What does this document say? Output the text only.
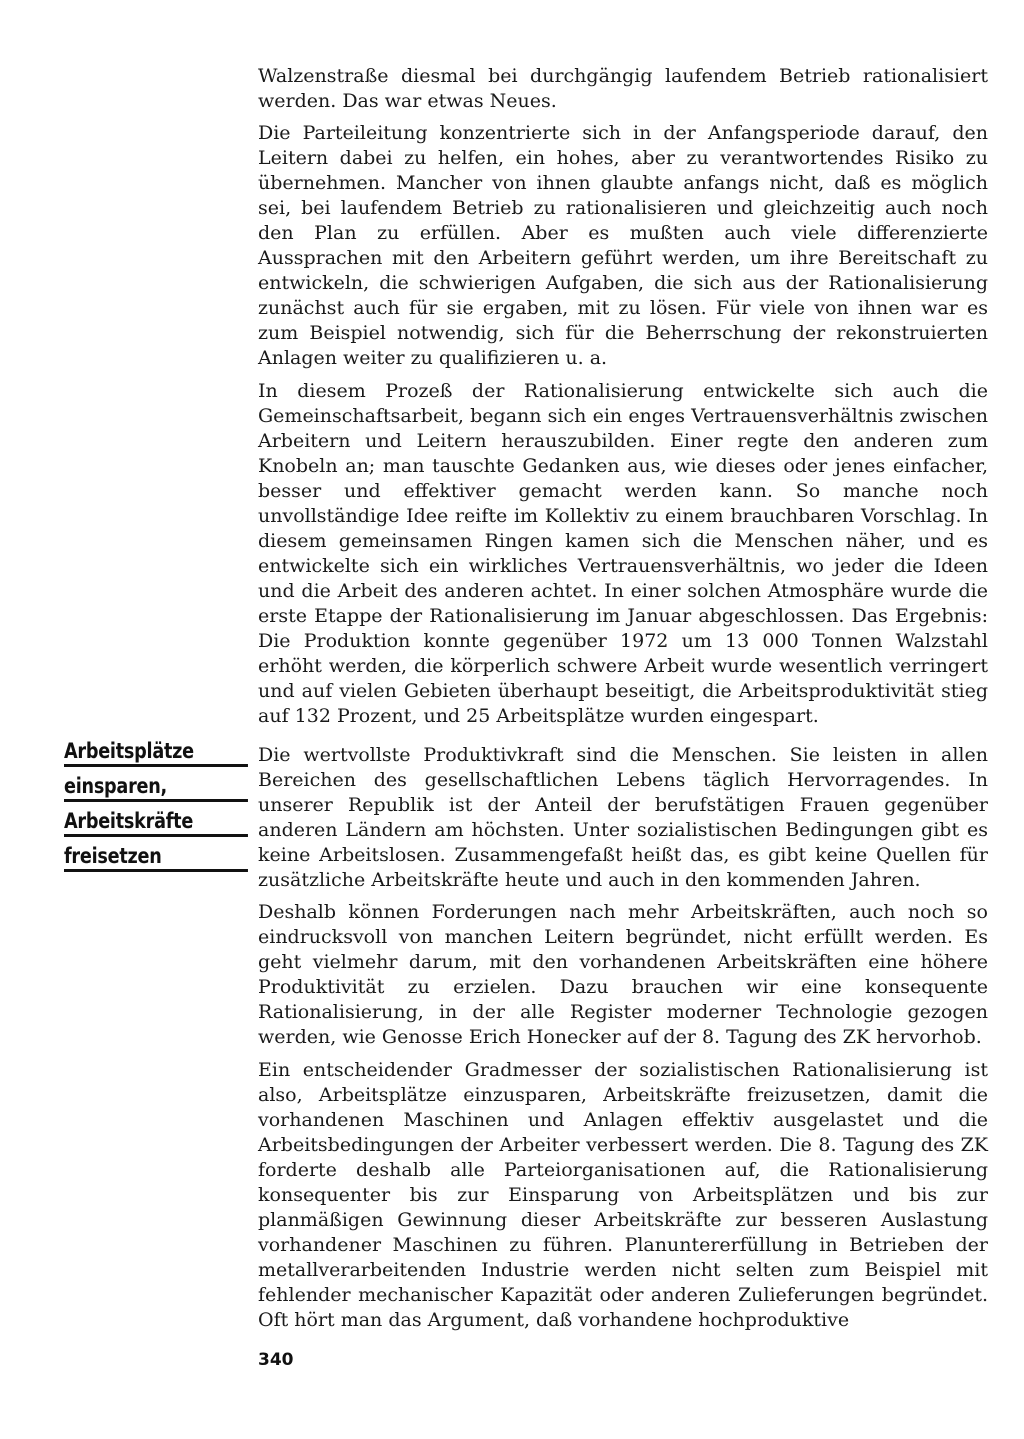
Walzenstraße diesmal bei durchgängig laufendem Betrieb rationalisiert werden. Das war etwas Neues.

Die Parteileitung konzentrierte sich in der Anfangsperiode darauf, den Leitern dabei zu helfen, ein hohes, aber zu verantwortendes Risiko zu übernehmen. Mancher von ihnen glaubte anfangs nicht, daß es möglich sei, bei laufendem Betrieb zu rationalisieren und gleichzeitig auch noch den Plan zu erfüllen. Aber es mußten auch viele differenzierte Aussprachen mit den Arbeitern geführt werden, um ihre Bereitschaft zu entwickeln, die schwierigen Aufgaben, die sich aus der Rationalisierung zunächst auch für sie ergaben, mit zu lösen. Für viele von ihnen war es zum Beispiel notwendig, sich für die Beherrschung der rekonstruierten Anlagen weiter zu qualifizieren u. a.

In diesem Prozeß der Rationalisierung entwickelte sich auch die Gemeinschaftsarbeit, begann sich ein enges Vertrauensverhältnis zwischen Arbeitern und Leitern herauszubilden. Einer regte den anderen zum Knobeln an; man tauschte Gedanken aus, wie dieses oder jenes einfacher, besser und effektiver gemacht werden kann. So manche noch unvollständige Idee reifte im Kollektiv zu einem brauchbaren Vorschlag. In diesem gemeinsamen Ringen kamen sich die Menschen näher, und es entwickelte sich ein wirkliches Vertrauensverhältnis, wo jeder die Ideen und die Arbeit des anderen achtet. In einer solchen Atmosphäre wurde die erste Etappe der Rationalisierung im Januar abgeschlossen. Das Ergebnis: Die Produktion konnte gegenüber 1972 um 13 000 Tonnen Walzstahl erhöht werden, die körperlich schwere Arbeit wurde wesentlich verringert und auf vielen Gebieten überhaupt beseitigt, die Arbeitsproduktivität stieg auf 132 Prozent, und 25 Arbeitsplätze wurden eingespart.

Die wertvollste Produktivkraft sind die Menschen. Sie leisten in allen Bereichen des gesellschaftlichen Lebens täglich Hervorragendes. In unserer Republik ist der Anteil der berufstätigen Frauen gegenüber anderen Ländern am höchsten. Unter sozialistischen Bedingungen gibt es keine Arbeitslosen. Zusammengefaßt heißt das, es gibt keine Quellen für zusätzliche Arbeitskräfte heute und auch in den kommenden Jahren.

Deshalb können Forderungen nach mehr Arbeitskräften, auch noch so eindrucksvoll von manchen Leitern begründet, nicht erfüllt werden. Es geht vielmehr darum, mit den vorhandenen Arbeitskräften eine höhere Produktivität zu erzielen. Dazu brauchen wir eine konsequente Rationalisierung, in der alle Register moderner Technologie gezogen werden, wie Genosse Erich Honecker auf der 8. Tagung des ZK hervorhob.

Ein entscheidender Gradmesser der sozialistischen Rationalisierung ist also, Arbeitsplätze einzusparen, Arbeitskräfte freizusetzen, damit die vorhandenen Maschinen und Anlagen effektiv ausgelastet und die Arbeitsbedingungen der Arbeiter verbessert werden. Die 8. Tagung des ZK forderte deshalb alle Parteiorganisationen auf, die Rationalisierung konsequenter bis zur Einsparung von Arbeitsplätzen und bis zur planmäßigen Gewinnung dieser Arbeitskräfte zur besseren Auslastung vorhandener Maschinen zu führen. Planuntererfüllung in Betrieben der metallverarbeitenden Industrie werden nicht selten zum Beispiel mit fehlender mechanischer Kapazität oder anderen Zulieferungen begründet. Oft hört man das Argument, daß vorhandene hochproduktive

Arbeitsplätze
einsparen,
Arbeitskräfte
freisetzen
340
